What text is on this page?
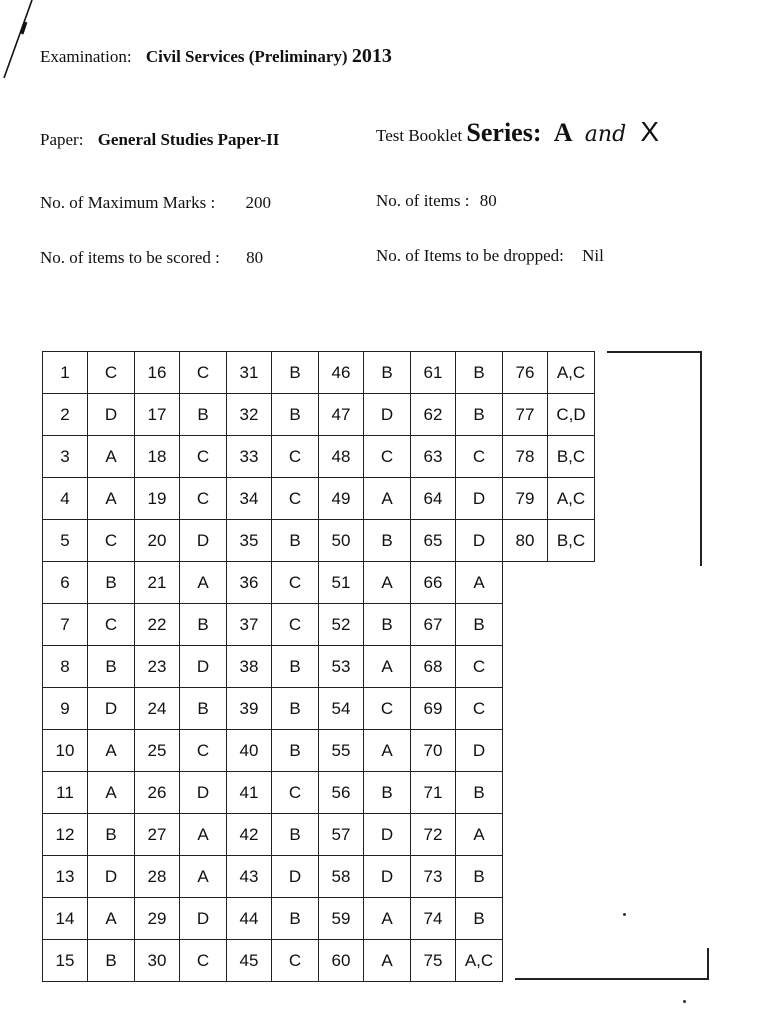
Examination: Civil Services (Preliminary) 2013
Paper: General Studies Paper-II	Test Booklet Series: A and X
No. of Maximum Marks : 200	No. of items : 80
No. of items to be scored : 80	No. of Items to be dropped: Nil
1	C	16	C	31	B	46	B	61	B	76	A,C
2	D	17	B	32	B	47	D	62	B	77	C,D
3	A	18	C	33	C	48	C	63	C	78	B,C
4	A	19	C	34	C	49	A	64	D	79	A,C
5	C	20	D	35	B	50	B	65	D	80	B,C
6	B	21	A	36	C	51	A	66	A		
7	C	22	B	37	C	52	B	67	B		
8	B	23	D	38	B	53	A	68	C		
9	D	24	B	39	B	54	C	69	C		
10	A	25	C	40	B	55	A	70	D		
11	A	26	D	41	C	56	B	71	B		
12	B	27	A	42	B	57	D	72	A		
13	D	28	A	43	D	58	D	73	B		
14	A	29	D	44	B	59	A	74	B		
15	B	30	C	45	C	60	A	75	A,C		
